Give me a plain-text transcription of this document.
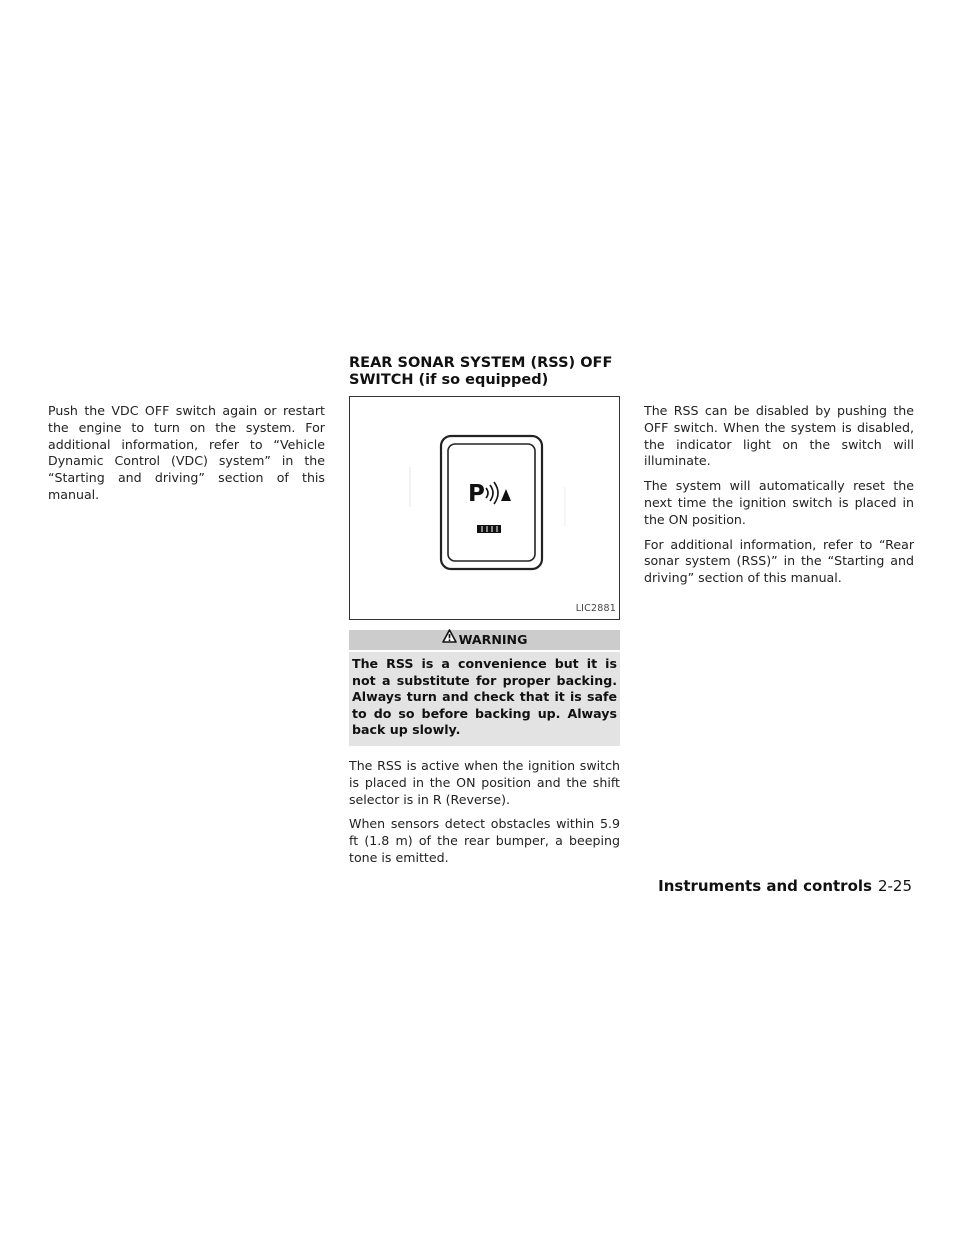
Push the VDC OFF switch again or restart the engine to turn on the system. For additional information, refer to “Vehicle Dynamic Control (VDC) system” in the “Starting and driving” section of this manual.

REAR SONAR SYSTEM (RSS) OFF
SWITCH (if so equipped)
P
LIC2881
WARNING
The RSS is a convenience but it is not a substitute for proper backing. Always turn and check that it is safe to do so before backing up. Always back up slowly.

The RSS is active when the ignition switch is placed in the ON position and the shift selector is in R (Reverse).

When sensors detect obstacles within 5.9 ft (1.8 m) of the rear bumper, a beeping tone is emitted.

The RSS can be disabled by pushing the OFF switch. When the system is disabled, the indicator light on the switch will illuminate.

The system will automatically reset the next time the ignition switch is placed in the ON position.

For additional information, refer to “Rear sonar system (RSS)” in the “Starting and driving” section of this manual.

Instruments and controls 2-25
